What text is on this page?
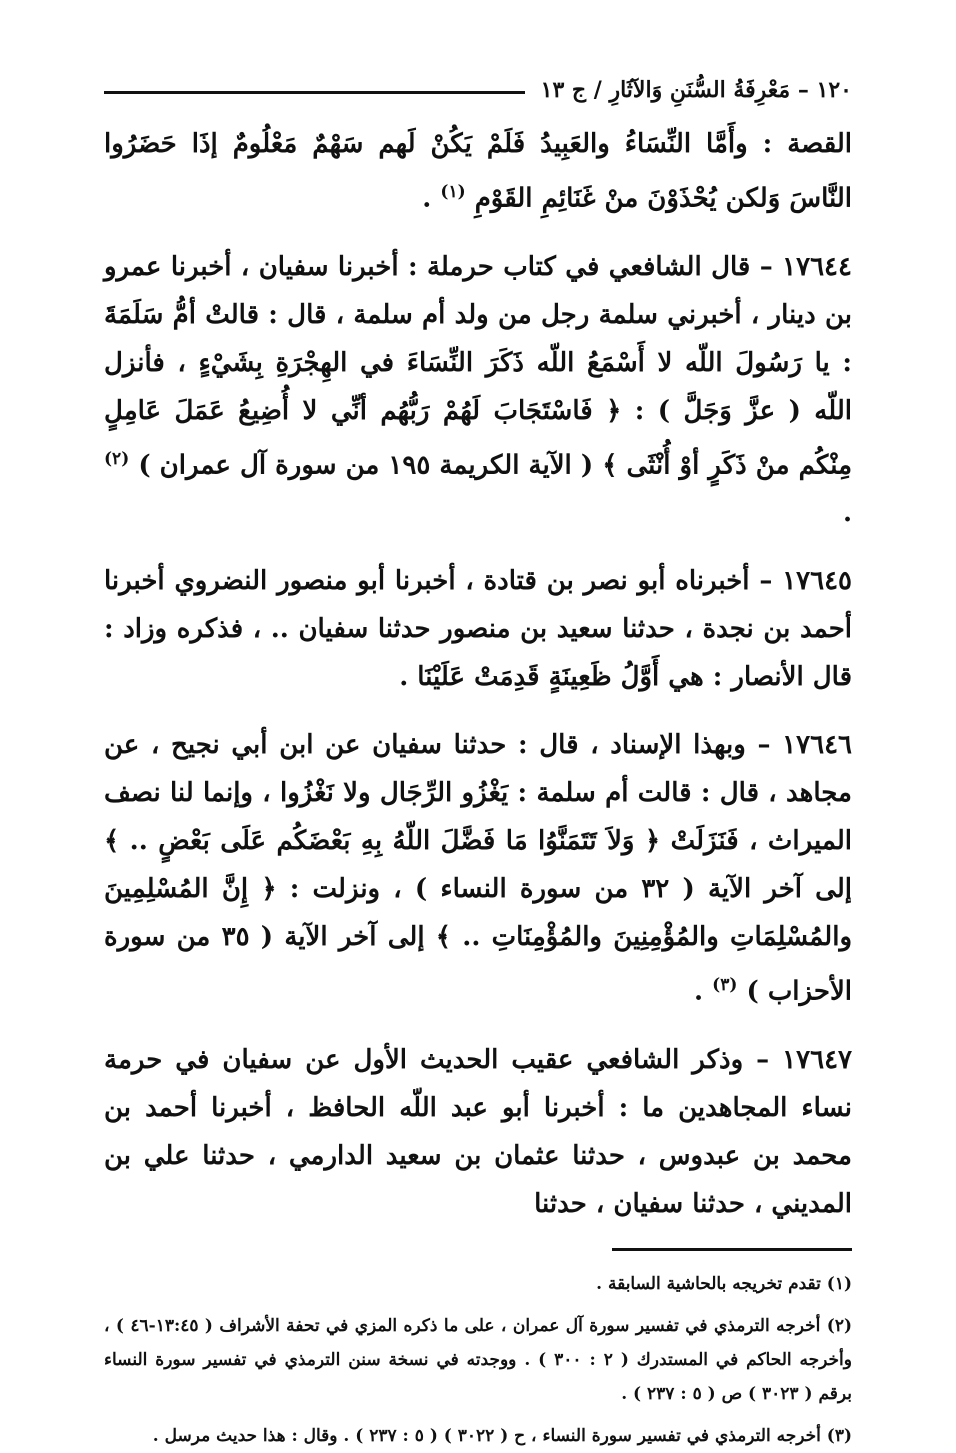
١٢٠ – مَعْرِفَةُ السُّنَنِ وَالآثَارِ / ج ١٣

القصة : وأَمَّا النِّسَاءُ والعَبِيدُ فَلَمْ يَكُنْ لَهم سَهْمٌ مَعْلُومٌ إذَا حَضَرُوا النَّاسَ وَلكن يُحْذَوْنَ منْ غَنَائِمِ القَوْمِ $^{(١)}$ .

١٧٦٤٤ – قال الشافعي في كتاب حرملة : أخبرنا سفيان ، أخبرنا عمرو بن دينار ، أخبرني سلمة رجل من ولد أم سلمة ، قال : قالتْ أمُّ سَلَمَةَ : يا رَسُولَ اللّه لا أَسْمَعُ اللّه ذَكَرَ النِّسَاءَ في الهِجْرَةِ بِشَيْءٍ ، فأنزل اللّه ( عزَّ وَجَلَّ ) : ﴿ فَاسْتَجَابَ لَهُمْ رَبُّهُم أنِّي لا أُضِيعُ عَمَلَ عَامِلٍ مِنْكُم منْ ذَكَرٍ أوْ أُنْثَى ﴾ ( الآية الكريمة ١٩٥ من سورة آل عمران ) $^{(٢)}$ .

١٧٦٤٥ – أخبرناه أبو نصر بن قتادة ، أخبرنا أبو منصور النضروي أخبرنا أحمد بن نجدة ، حدثنا سعيد بن منصور حدثنا سفيان .. ، فذكره وزاد : قال الأنصار : هي أَوَّلُ ظَعِينَةٍ قَدِمَتْ عَلَيْنَا .

١٧٦٤٦ – وبهذا الإسناد ، قال : حدثنا سفيان عن ابن أبي نجيح ، عن مجاهد ، قال : قالت أم سلمة : يَغْزُو الرِّجَال ولا نَغْزُوا ، وإنما لنا نصف الميراث ، فَنَزَلَتْ ﴿ وَلاَ تَتَمَنَّوُا مَا فَضَّلَ اللّهُ بِهِ بَعْضَكُم عَلَى بَعْضٍ .. ﴾ إلى آخر الآية ( ٣٢ من سورة النساء ) ، ونزلت : ﴿ إِنَّ المُسْلِمِينَ والمُسْلِمَاتِ والمُؤْمِنِينَ والمُؤْمِنَاتِ .. ﴾ إلى آخر الآية ( ٣٥ من سورة الأحزاب ) $^{(٣)}$ .

١٧٦٤٧ – وذكر الشافعي عقيب الحديث الأول عن سفيان في حرمة نساء المجاهدين ما : أخبرنا أبو عبد اللّه الحافظ ، أخبرنا أحمد بن محمد بن عبدوس ، حدثنا عثمان بن سعيد الدارمي ، حدثنا علي بن المديني ، حدثنا سفيان ، حدثنا

(١) تقدم تخريجه بالحاشية السابقة .

(٢) أخرجه الترمذي في تفسير سورة آل عمران ، على ما ذكره المزي في تحفة الأشراف ( ١٣:٤٥-٤٦ ) ، وأخرجه الحاكم في المستدرك ( ٢ : ٣٠٠ ) . ووجدته في نسخة سنن الترمذي في تفسير سورة النساء برقم ( ٣٠٢٣ ) ص ( ٥ : ٢٣٧ ) .

(٣) أخرجه الترمذي في تفسير سورة النساء ، ح ( ٣٠٢٢ ) ( ٥ : ٢٣٧ ) . وقال : هذا حديث مرسل .
